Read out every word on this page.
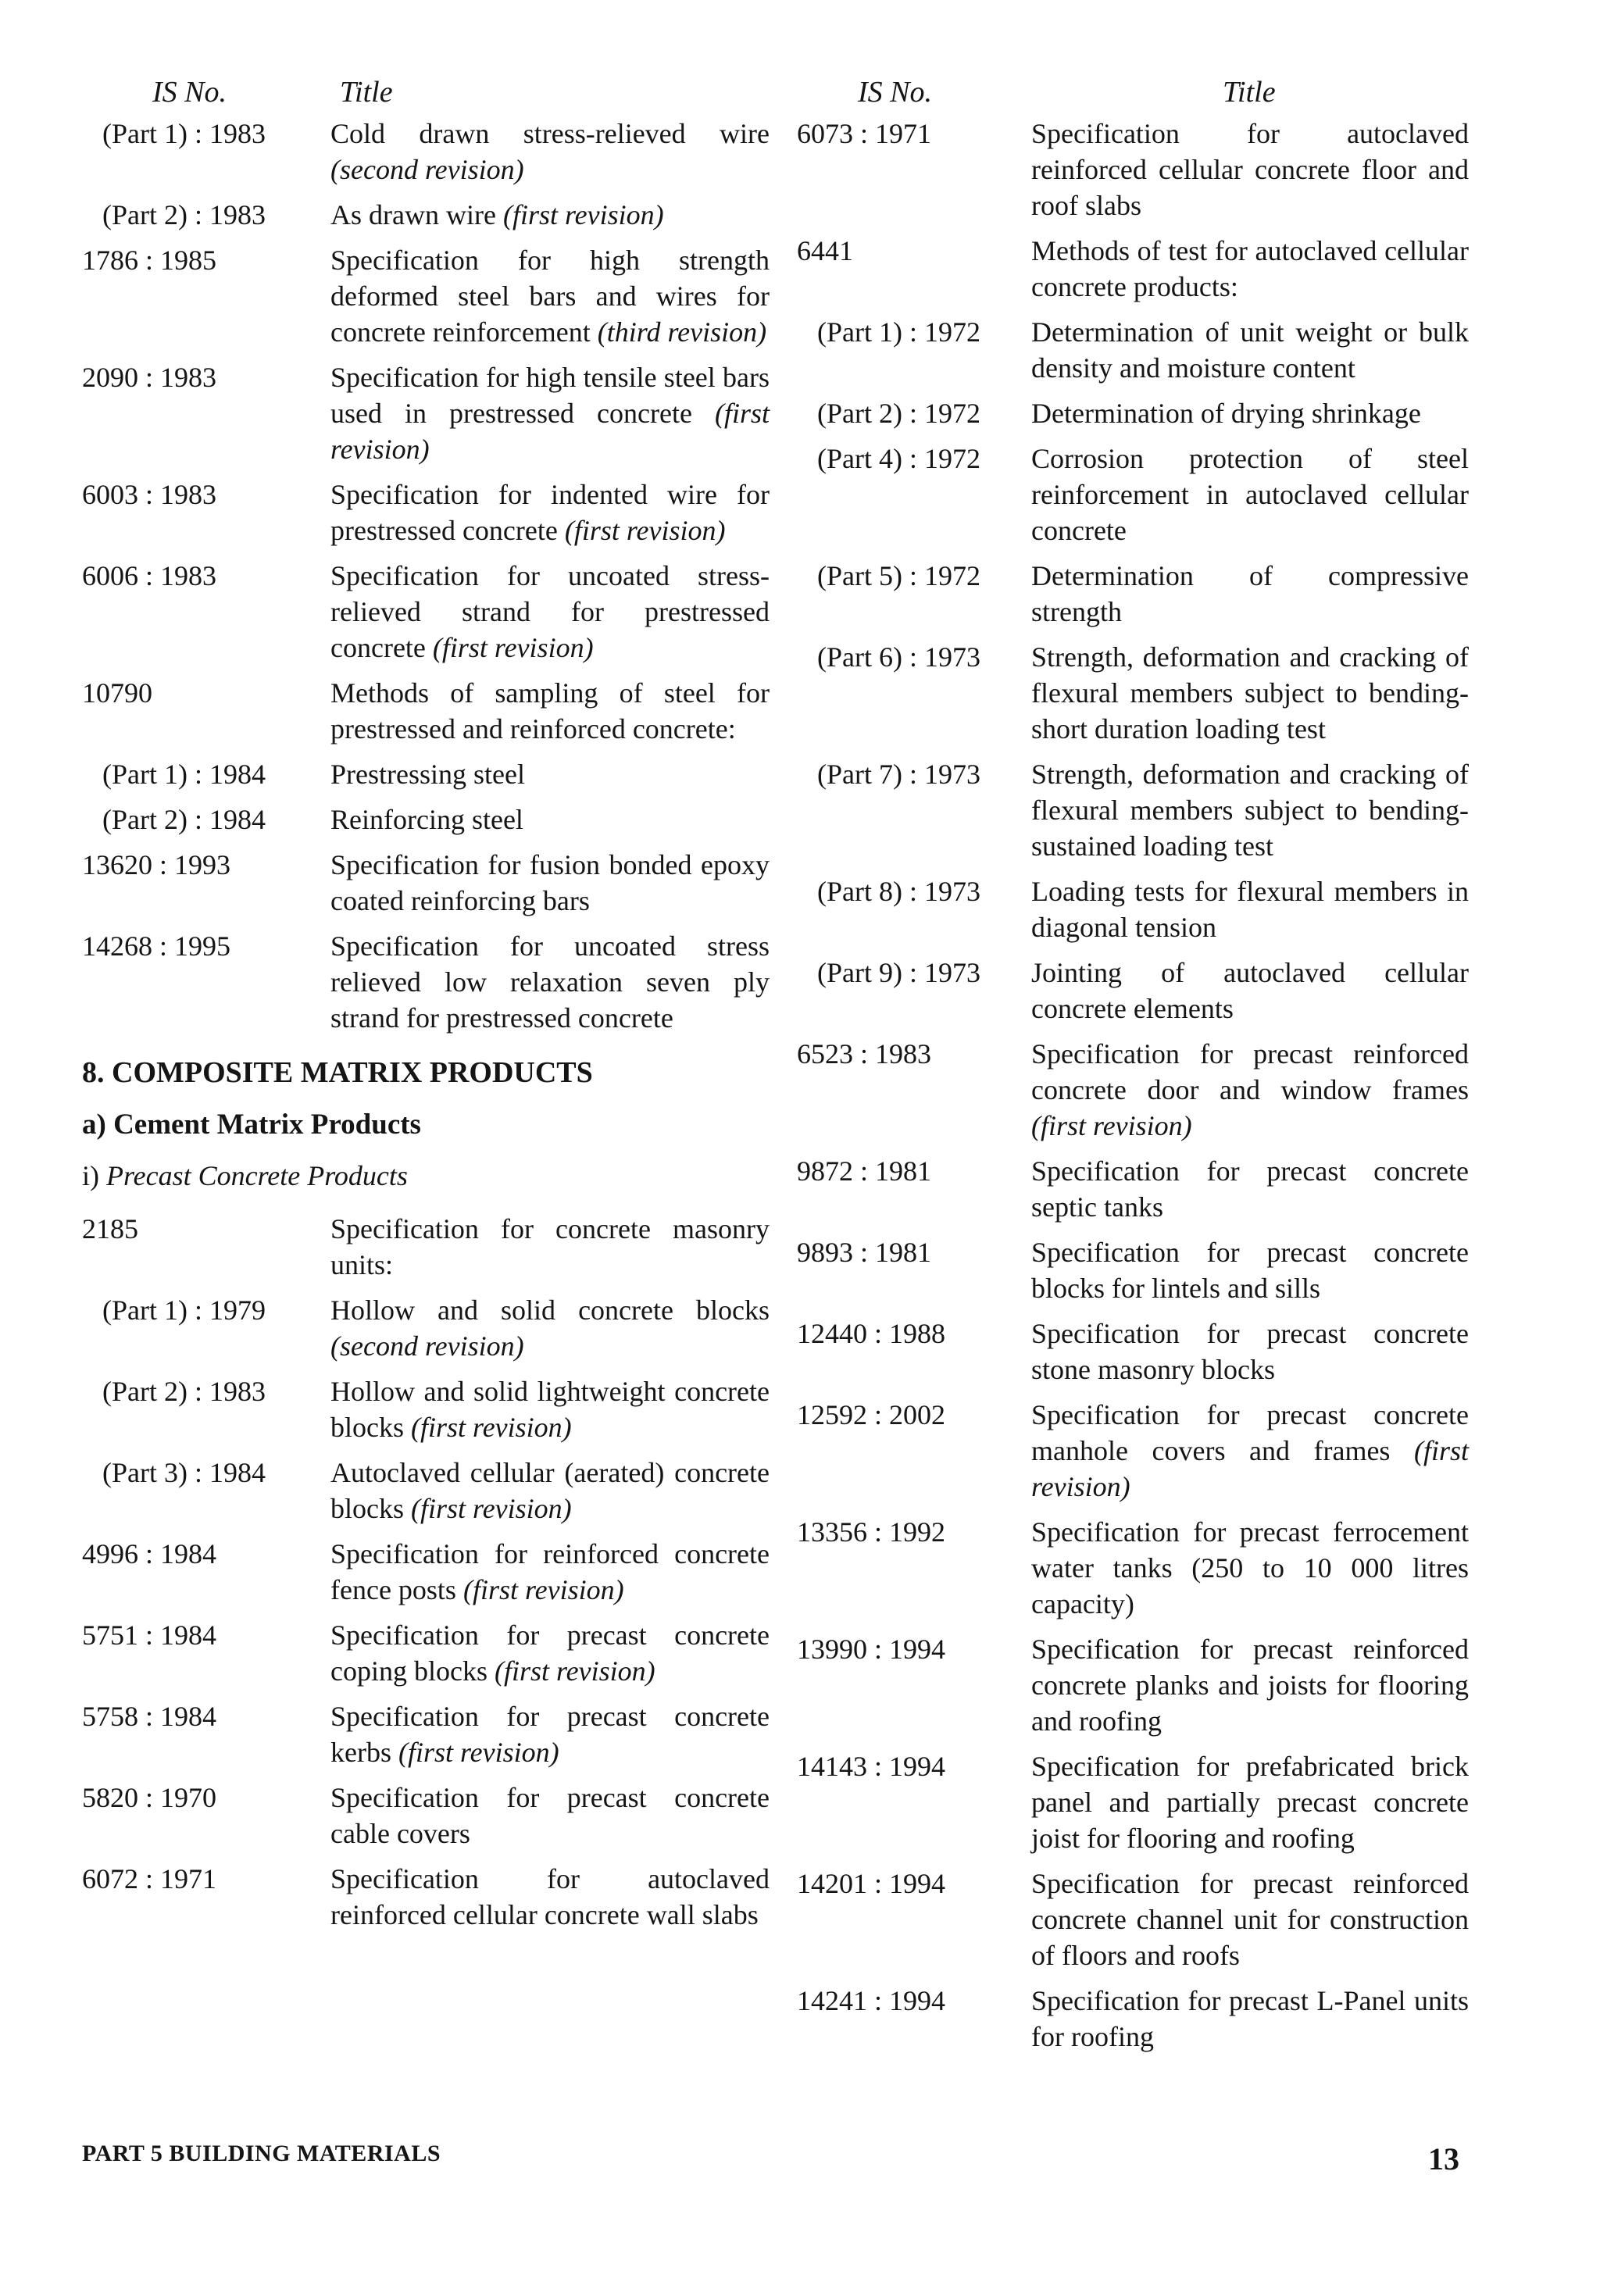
IS No.	Title
(Part 1) : 1983	Cold drawn stress-relieved wire (second revision)
(Part 2) : 1983	As drawn wire (first revision)
1786 : 1985	Specification for high strength deformed steel bars and wires for concrete reinforcement (third revision)
2090 : 1983	Specification for high tensile steel bars used in prestressed concrete (first revision)
6003 : 1983	Specification for indented wire for prestressed concrete (first revision)
6006 : 1983	Specification for uncoated stress-relieved strand for prestressed concrete (first revision)
10790	Methods of sampling of steel for prestressed and reinforced concrete:
(Part 1) : 1984	Prestressing steel
(Part 2) : 1984	Reinforcing steel
13620 : 1993	Specification for fusion bonded epoxy coated reinforcing bars
14268 : 1995	Specification for uncoated stress relieved low relaxation seven ply strand for prestressed concrete
8. COMPOSITE MATRIX PRODUCTS
a) Cement Matrix Products
i) Precast Concrete Products
2185	Specification for concrete masonry units:
(Part 1) : 1979	Hollow and solid concrete blocks (second revision)
(Part 2) : 1983	Hollow and solid lightweight concrete blocks (first revision)
(Part 3) : 1984	Autoclaved cellular (aerated) concrete blocks (first revision)
4996 : 1984	Specification for reinforced concrete fence posts (first revision)
5751 : 1984	Specification for precast concrete coping blocks (first revision)
5758 : 1984	Specification for precast concrete kerbs (first revision)
5820 : 1970	Specification for precast concrete cable covers
6072 : 1971	Specification for autoclaved reinforced cellular concrete wall slabs
IS No.	Title
6073 : 1971	Specification for autoclaved reinforced cellular concrete floor and roof slabs
6441	Methods of test for autoclaved cellular concrete products:
(Part 1) : 1972	Determination of unit weight or bulk density and moisture content
(Part 2) : 1972	Determination of drying shrinkage
(Part 4) : 1972	Corrosion protection of steel reinforcement in autoclaved cellular concrete
(Part 5) : 1972	Determination of compressive strength
(Part 6) : 1973	Strength, deformation and cracking of flexural members subject to bending-short duration loading test
(Part 7) : 1973	Strength, deformation and cracking of flexural members subject to bending-sustained loading test
(Part 8) : 1973	Loading tests for flexural members in diagonal tension
(Part 9) : 1973	Jointing of autoclaved cellular concrete elements
6523 : 1983	Specification for precast reinforced concrete door and window frames (first revision)
9872 : 1981	Specification for precast concrete septic tanks
9893 : 1981	Specification for precast concrete blocks for lintels and sills
12440 : 1988	Specification for precast concrete stone masonry blocks
12592 : 2002	Specification for precast concrete manhole covers and frames (first revision)
13356 : 1992	Specification for precast ferrocement water tanks (250 to 10 000 litres capacity)
13990 : 1994	Specification for precast reinforced concrete planks and joists for flooring and roofing
14143 : 1994	Specification for prefabricated brick panel and partially precast concrete joist for flooring and roofing
14201 : 1994	Specification for precast reinforced concrete channel unit for construction of floors and roofs
14241 : 1994	Specification for precast L-Panel units for roofing
PART 5 BUILDING MATERIALS	13
